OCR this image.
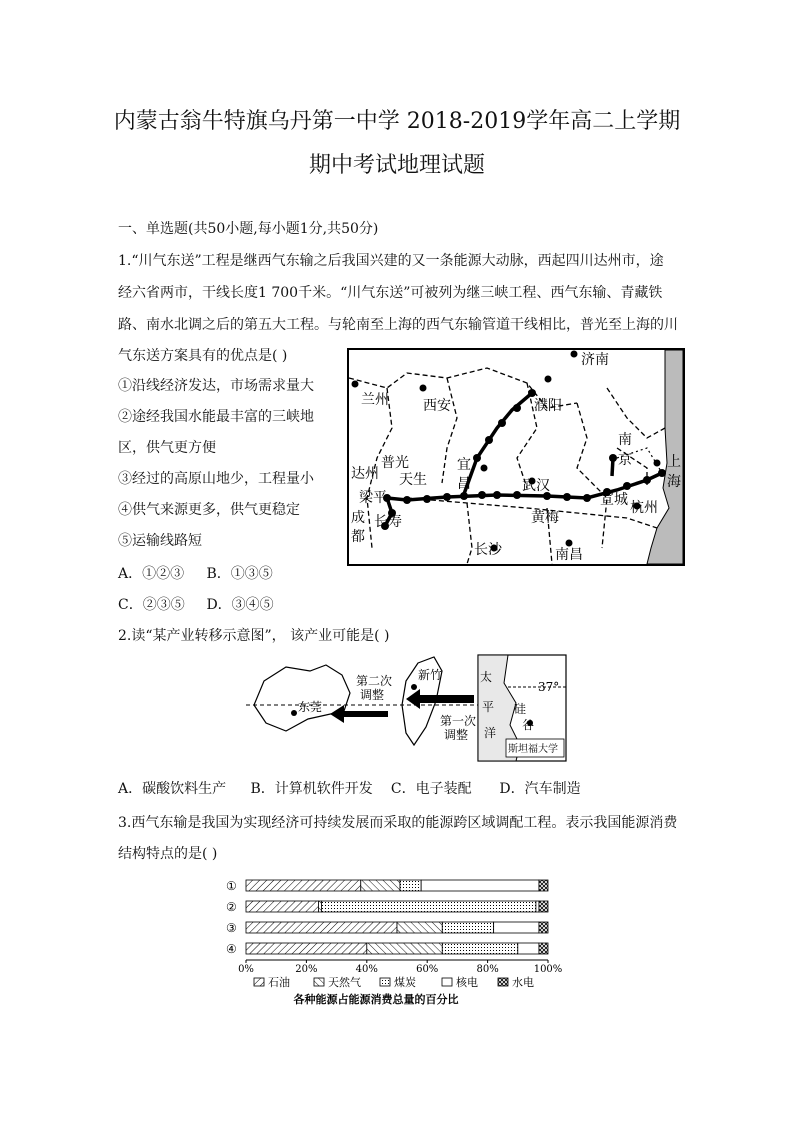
内蒙古翁牛特旗乌丹第一中学 2018-2019学年高二上学期
期中考试地理试题
一、单选题(共50小题,每小题1分,共50分)
1.“川气东送”工程是继西气东输之后我国兴建的又一条能源大动脉，西起四川达州市，途
经六省两市，干线长度1 700千米。“川气东送”可被列为继三峡工程、西气东输、青藏铁
路、南水北调之后的第五大工程。与轮南至上海的西气东输管道干线相比，普光至上海的川
气东送方案具有的优点是( )
①沿线经济发达，市场需求量大
②途经我国水能最丰富的三峡地
区，供气更方便
③经过的高原山地少，工程量小
④供气来源更多，供气更稳定
⑤运输线路短
A．①②③ B．①③⑤
C．②③⑤ D．③④⑤
济南
兰州 西安	濮阳
南
京	上
海
普光
达州 天生
宜
昌	武汉
宣城
梁平
长寿
成
都
黄梅
杭州
长沙	南昌
2.读“某产业转移示意图”， 该产业可能是( )
东莞
第二次
调整
新竹
第一次
调整
太
平
洋
硅
谷
37°
斯坦福大学
A．碳酸饮料生产 B．计算机软件开发 C．电子装配 D．汽车制造
3.西气东输是我国为实现经济可持续发展而采取的能源跨区域调配工程。表示我国能源消费
结构特点的是( )
①
②
③
④
0%	20%	40%	60%	80%	100%
石油	天然气	煤炭	核电	水电
各种能源占能源消费总量的百分比
